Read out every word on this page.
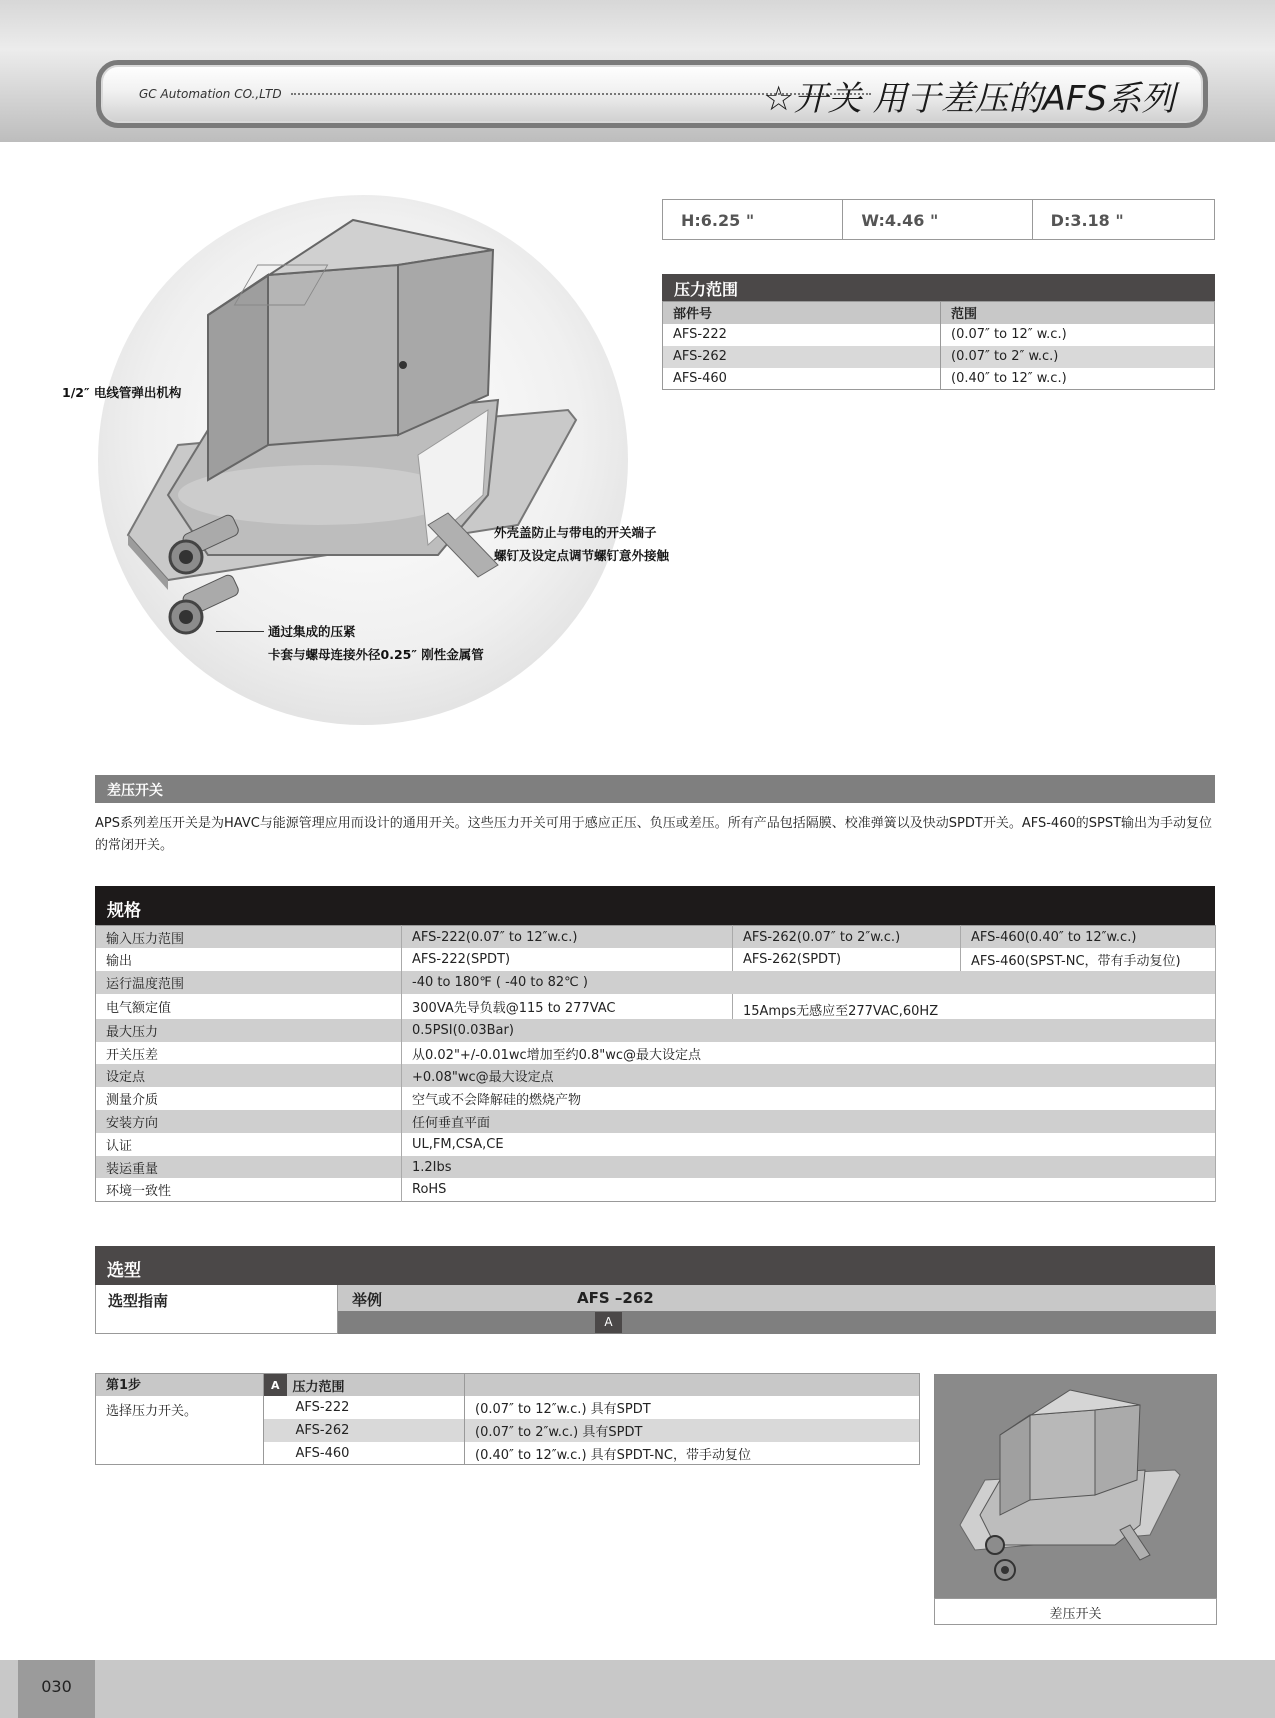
GC Automation CO.,LTD	☆开关 用于差压的AFS系列
1/2″ 电线管弹出机构
外壳盖防止与带电的开关端子
螺钉及设定点调节螺钉意外接触
通过集成的压紧
卡套与螺母连接外径0.25″ 刚性金属管
H:6.25 "	W:4.46 "	D:3.18 "
压力范围
部件号	范围
AFS-222	(0.07″ to 12″ w.c.)
AFS-262	(0.07″ to 2″ w.c.)
AFS-460	(0.40″ to 12″ w.c.)
差压开关
APS系列差压开关是为HAVC与能源管理应用而设计的通用开关。这些压力开关可用于感应正压、负压或差压。所有产品包括隔膜、校准弹簧以及快动SPDT开关。AFS-460的SPST输出为手动复位的常闭开关。
规格
输入压力范围	AFS-222(0.07″ to 12″w.c.)	AFS-262(0.07″ to 2″w.c.)	AFS-460(0.40″ to 12″w.c.)
输出	AFS-222(SPDT)	AFS-262(SPDT)	AFS-460(SPST-NC，带有手动复位)
运行温度范围	-40 to 180℉ ( -40 to 82℃ )		
电气额定值	300VA先导负载@115 to 277VAC	15Amps无感应至277VAC,60HZ	
最大压力	0.5PSI(0.03Bar)		
开关压差	从0.02"+/-0.01wc增加至约0.8"wc@最大设定点		
设定点	+0.08"wc@最大设定点		
测量介质	空气或不会降解硅的燃烧产物		
安装方向	任何垂直平面		
认证	UL,FM,CSA,CE		
装运重量	1.2Ibs		
环境一致性	RoHS		
选型
选型指南	举例	AFS –262
A
第1步	A	压力范围	
选择压力开关。		AFS-222	(0.07″ to 12″w.c.) 具有SPDT
		AFS-262	(0.07″ to 2″w.c.) 具有SPDT
		AFS-460	(0.40″ to 12″w.c.) 具有SPDT-NC，带手动复位
差压开关
030
